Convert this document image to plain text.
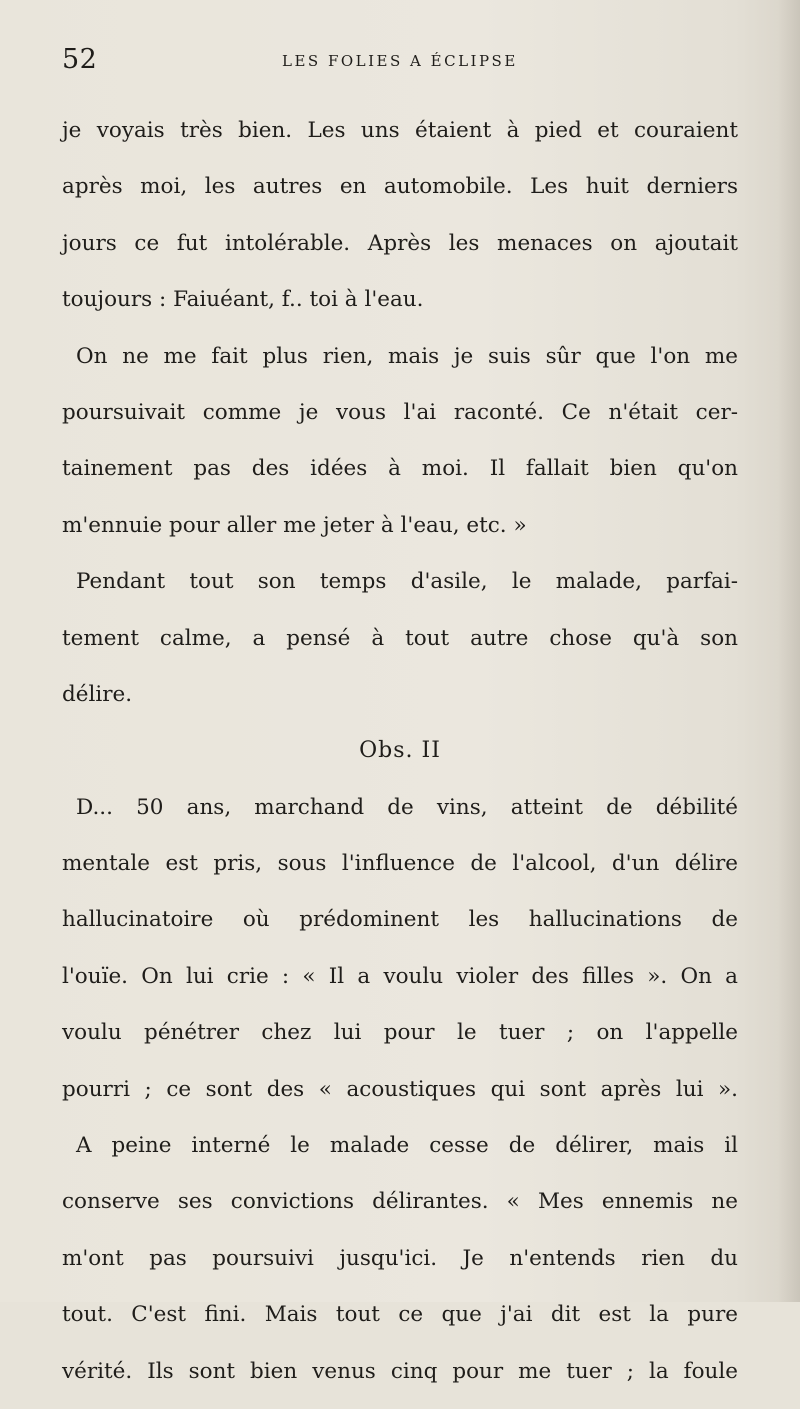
52	LES FOLIES A ÉCLIPSE
je voyais très bien. Les uns étaient à pied et couraient
après moi, les autres en automobile. Les huit derniers
jours ce fut intolérable. Après les menaces on ajoutait
toujours : Faiuéant, f.. toi à l'eau.
On ne me fait plus rien, mais je suis sûr que l'on me
poursuivait comme je vous l'ai raconté. Ce n'était cer-
tainement pas des idées à moi. Il fallait bien qu'on
m'ennuie pour aller me jeter à l'eau, etc. »
Pendant tout son temps d'asile, le malade, parfai-
tement calme, a pensé à tout autre chose qu'à son
délire.
Obs. II
D... 50 ans, marchand de vins, atteint de débilité
mentale est pris, sous l'influence de l'alcool, d'un délire
hallucinatoire où prédominent les hallucinations de
l'ouïe. On lui crie : « Il a voulu violer des filles ». On a
voulu pénétrer chez lui pour le tuer ; on l'appelle
pourri ; ce sont des « acoustiques qui sont après lui ».
A peine interné le malade cesse de délirer, mais il
conserve ses convictions délirantes. « Mes ennemis ne
m'ont pas poursuivi jusqu'ici. Je n'entends rien du
tout. C'est fini. Mais tout ce que j'ai dit est la pure
vérité. Ils sont bien venus cinq pour me tuer ; la foule
